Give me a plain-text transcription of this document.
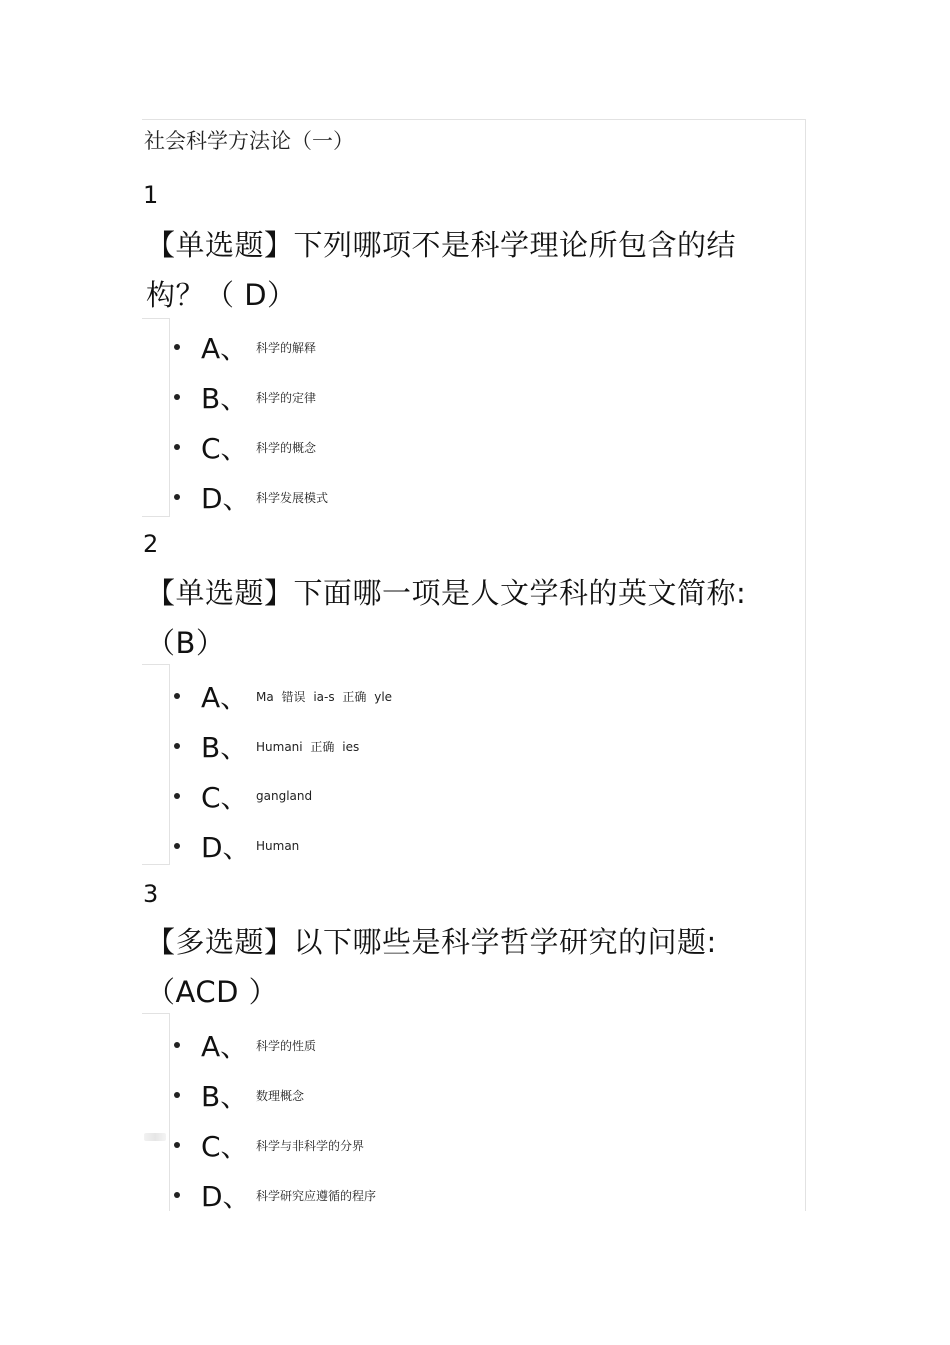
社会科学方法论（一）
1
【单选题】下列哪项不是科学理论所包含的结
构？（ D）
A、 科学的解释
B、 科学的定律
C、 科学的概念
D、 科学发展模式
2
【单选题】下面哪一项是人文学科的英文简称:
（B）
A、 Ma 错误 ia-s 正确 yle
B、 Humani 正确 ies
C、 gangland
D、 Human
3
【多选题】以下哪些是科学哲学研究的问题:
（ACD ）
A、 科学的性质
B、 数理概念
C、 科学与非科学的分界
D、 科学研究应遵循的程序
